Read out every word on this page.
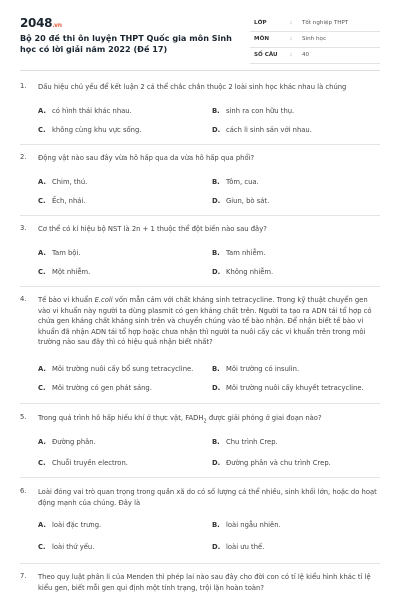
2048.vn
Bộ 20 đề thi ôn luyện THPT Quốc gia môn Sinh học có lời giải năm 2022 (Đề 17)
LỚP	: Tốt nghiệp THPT
MÔN	: Sinh học
SỐ CÂU : 40
1. Dấu hiệu chủ yếu để kết luận 2 cá thể chắc chắn thuộc 2 loài sinh học khác nhau là chúng
A. có hình thái khác nhau.	B. sinh ra con hữu thụ.
C. không cùng khu vực sống.	D. cách li sinh sản với nhau.
2. Động vật nào sau đây vừa hô hấp qua da vừa hô hấp qua phổi?
A. Chim, thú.	B. Tôm, cua.
C. Ếch, nhái.	D. Giun, bò sát.
3. Cơ thể có kí hiệu bộ NST là 2n + 1 thuộc thể đột biến nào sau đây?
A. Tam bội.	B. Tam nhiễm.
C. Một nhiễm.	D. Không nhiễm.
4. Tế bào vi khuẩn E.coli vốn mẫn cảm với chất kháng sinh tetracycline. Trong kỹ thuật chuyển gen vào vi khuẩn này người ta dùng plasmit có gen kháng chất trên. Người ta tạo ra ADN tái tổ hợp có chứa gen kháng chất kháng sinh trên và chuyển chúng vào tế bào nhận. Để nhận biết tế bào vi khuẩn đã nhận ADN tái tổ hợp hoặc chưa nhận thì người ta nuôi cấy các vi khuẩn trên trong môi trường nào sau đây thì có hiệu quả nhận biết nhất?
A. Môi trường nuôi cấy bổ sung tetracycline.	B. Môi trường có insulin.
C. Môi trường có gen phát sáng.	D. Môi trường nuôi cấy khuyết tetracycline.
5. Trong quá trình hô hấp hiếu khí ở thực vật, $FADH_2$ được giải phóng ở giai đoạn nào?
A. Đường phân.	B. Chu trình Crep.
C. Chuỗi truyền electron.	D. Đường phân và chu trình Crep.
6. Loài đóng vai trò quan trọng trong quần xã do có số lượng cá thể nhiều, sinh khối lớn, hoặc do hoạt động mạnh của chúng. Đây là
A. loài đặc trưng.	B. loài ngẫu nhiên.
C. loài thứ yếu.	D. loài ưu thế.
7. Theo quy luật phân li của Menden thì phép lai nào sau đây cho đời con có tỉ lệ kiểu hình khác tỉ lệ kiểu gen, biết mỗi gen qui định một tính trạng, trội lặn hoàn toàn?
